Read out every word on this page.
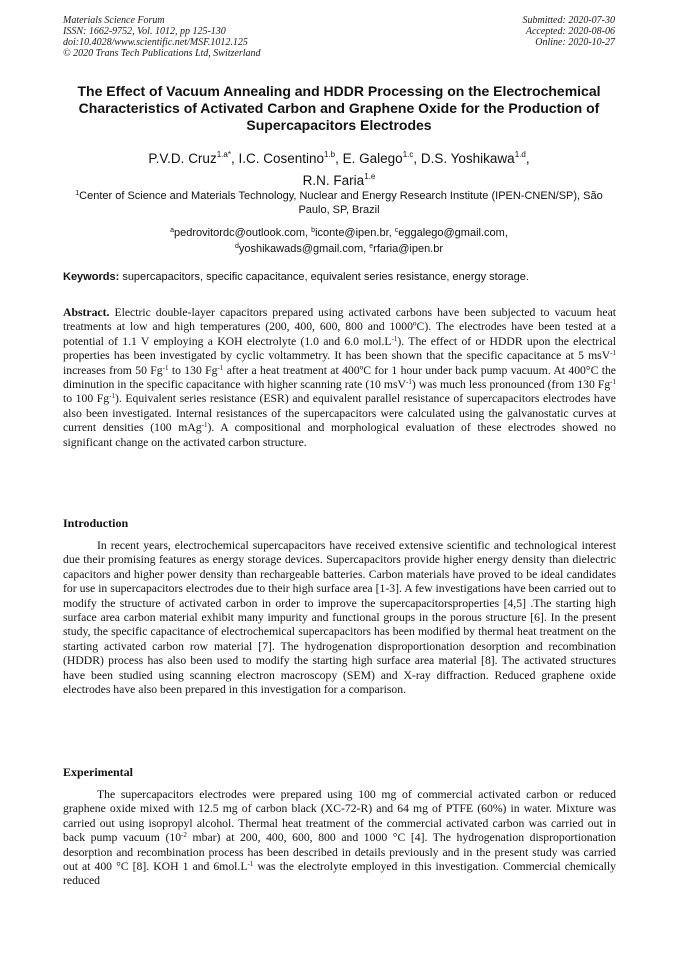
Materials Science Forum
ISSN: 1662-9752, Vol. 1012, pp 125-130
doi:10.4028/www.scientific.net/MSF.1012.125
© 2020 Trans Tech Publications Ltd, Switzerland
Submitted: 2020-07-30
Accepted: 2020-08-06
Online: 2020-10-27
The Effect of Vacuum Annealing and HDDR Processing on the Electrochemical Characteristics of Activated Carbon and Graphene Oxide for the Production of Supercapacitors Electrodes
P.V.D. Cruz$^{1.a*}$, I.C. Cosentino$^{1.b}$, E. Galego$^{1.c}$, D.S. Yoshikawa$^{1.d}$,
R.N. Faria$^{1.e}$
$^1$Center of Science and Materials Technology, Nuclear and Energy Research Institute (IPEN-CNEN/SP), São Paulo, SP, Brazil
$^a$pedrovitordc@outlook.com, $^b$iconte@ipen.br, $^c$eggalego@gmail.com,
$^d$yoshikawads@gmail.com, $^e$rfaria@ipen.br
Keywords: supercapacitors, specific capacitance, equivalent series resistance, energy storage.
Abstract. Electric double-layer capacitors prepared using activated carbons have been subjected to vacuum heat treatments at low and high temperatures (200, 400, 600, 800 and 1000ºC). The electrodes have been tested at a potential of 1.1 V employing a KOH electrolyte (1.0 and 6.0 $mol.L^{-1}$). The effect of or HDDR upon the electrical properties has been investigated by cyclic voltammetry. It has been shown that the specific capacitance at 5 msV$^{-1}$ increases from 50 $Fg^{-1}$ to 130 $Fg^{-1}$ after a heat treatment at 400ºC for 1 hour under back pump vacuum. At 400°C the diminution in the specific capacitance with higher scanning rate (10 msV$^{-1}$) was much less pronounced (from 130 $Fg^{-1}$ to 100 $Fg^{-1}$). Equivalent series resistance (ESR) and equivalent parallel resistance of supercapacitors electrodes have also been investigated. Internal resistances of the supercapacitors were calculated using the galvanostatic curves at current densities (100 mAg$^{-1}$). A compositional and morphological evaluation of these electrodes showed no significant change on the activated carbon structure.
Introduction
In recent years, electrochemical supercapacitors have received extensive scientific and technological interest due their promising features as energy storage devices. Supercapacitors provide higher energy density than dielectric capacitors and higher power density than rechargeable batteries. Carbon materials have proved to be ideal candidates for use in supercapacitors electrodes due to their high surface area [1-3]. A few investigations have been carried out to modify the structure of activated carbon in order to improve the supercapacitorsproperties [4,5] .The starting high surface area carbon material exhibit many impurity and functional groups in the porous structure [6]. In the present study, the specific capacitance of electrochemical supercapacitors has been modified by thermal heat treatment on the starting activated carbon row material [7]. The hydrogenation disproportionation desorption and recombination (HDDR) process has also been used to modify the starting high surface area material [8]. The activated structures have been studied using scanning electron macroscopy (SEM) and X-ray diffraction. Reduced graphene oxide electrodes have also been prepared in this investigation for a comparison.
Experimental
The supercapacitors electrodes were prepared using 100 mg of commercial activated carbon or reduced graphene oxide mixed with 12.5 mg of carbon black (XC-72-R) and 64 mg of PTFE (60%) in water. Mixture was carried out using isopropyl alcohol. Thermal heat treatment of the commercial activated carbon was carried out in back pump vacuum ($10^{-2}$ mbar) at 200, 400, 600, 800 and 1000 °C [4]. The hydrogenation disproportionation desorption and recombination process has been described in details previously and in the present study was carried out at 400 °C [8]. KOH 1 and $6mol.L^{-1}$ was the electrolyte employed in this investigation. Commercial chemically reduced
